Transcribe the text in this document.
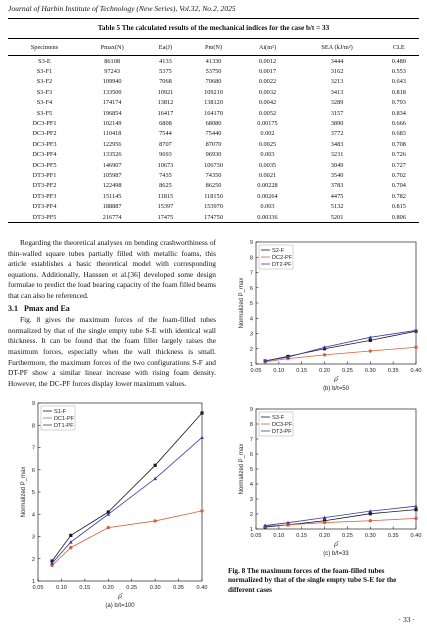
Journal of Harbin Institute of Technology (New Series), Vol.32, No.2, 2025
Table 5 The calculated results of the mechanical indices for the case b/t = 33
Specimens	Pmax(N)	Ea(J)	Pm(N)	Ai(m²)	SEA (kJ/m²)	CLE
S3-E	86108	4133	41330	0.0012	3444	0.480
S3-F1	97243	5375	53750	0.0017	3162	0.553
S3-F2	109940	7068	70680	0.0022	3213	0.643
S3-F3	133500	10921	109210	0.0032	3413	0.818
S3-F4	174174	13812	138120	0.0042	3289	0.793
S3-F5	196854	16417	164170	0.0052	3157	0.834
DC3-PF1	102149	6808	68080	0.00175	3890	0.666
DC3-PF2	110418	7544	75440	0.002	3772	0.683
DC3-PF3	122956	8707	87070	0.0025	3483	0.708
DC3-PF4	133526	9693	96930	0.003	3231	0.726
DC3-PF5	146907	10673	106730	0.0035	3049	0.727
DT3-PF1	105987	7435	74350	0.0021	3540	0.702
DT3-PF2	122498	8625	86250	0.00228	3783	0.704
DT3-PF3	151145	11815	118150	0.00264	4475	0.782
DT3-PF4	188887	15397	153970	0.003	5132	0.815
DT3-PF5	216774	17475	174750	0.00336	5201	0.806

Regarding the theoretical analyses on bending crashworthiness of thin-walled square tubes partially filled with metallic foams, this article establishes a basic theoretical model with corresponding equations. Additionally, Hanssen et al.[36] developed some design formulae to predict the load bearing capacity of the foam filled beams that can also be referenced.

3.1 Pmax and Ea

Fig. 8 gives the maximum forces of the foam-filled tubes normalized by that of the single empty tube S-E with identical wall thickness. It can be found that the foam filler largely raises the maximum forces, especially when the wall thickness is small. Furthermore, the maximum forces of the two configurations S-F and DT-PF show a similar linear increase with rising foam density. However, the DC-PF forces display lower maximum values.

1
2
3
4
5
6
7
8
9
0.05 0.10 0.15 0.20 0.25 0.30 0.35 0.40
Normalized P_max
ρ̄
(a) b/t=100
S1-F
DC1-PF
DT1-PF
1
2
3
4
5
6
7
8
9
0.05 0.10 0.15 0.20 0.25 0.30 0.35 0.40
Normalized P_max
ρ̄
(b) b/t=50
S2-F
DC2-PF
DT2-PF
1
2
3
4
5
6
7
8
9
0.05 0.10 0.15 0.20 0.25 0.30 0.35 0.40
Normalized P_max
ρ̄
(c) b/t=33
S3-F
DC3-PF
DT3-PF
Fig. 8 The maximum forces of the foam-filled tubes normalized by that of the single empty tube S-E for the different cases
· 33 ·
